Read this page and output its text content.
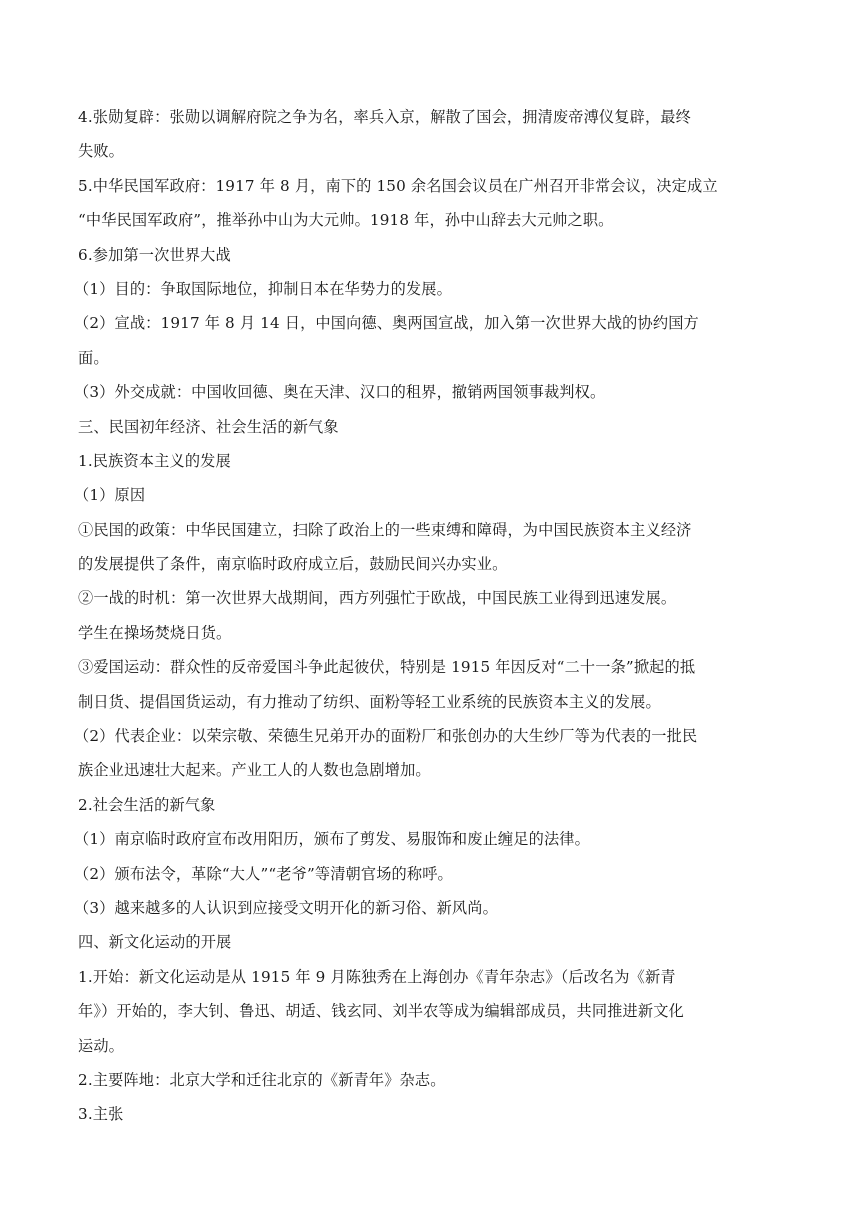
4.张勋复辟：张勋以调解府院之争为名，率兵入京，解散了国会，拥清废帝溥仪复辟，最终
失败。
5.中华民国军政府：1917 年 8 月，南下的 150 余名国会议员在广州召开非常会议，决定成立
“中华民国军政府”，推举孙中山为大元帅。1918 年，孙中山辞去大元帅之职。
6.参加第一次世界大战
（1）目的：争取国际地位，抑制日本在华势力的发展。
（2）宣战：1917 年 8 月 14 日，中国向德、奥两国宣战，加入第一次世界大战的协约国方
面。
（3）外交成就：中国收回德、奥在天津、汉口的租界，撤销两国领事裁判权。
三、民国初年经济、社会生活的新气象
1.民族资本主义的发展
（1）原因
①民国的政策：中华民国建立，扫除了政治上的一些束缚和障碍，为中国民族资本主义经济
的发展提供了条件，南京临时政府成立后，鼓励民间兴办实业。
②一战的时机：第一次世界大战期间，西方列强忙于欧战，中国民族工业得到迅速发展。
学生在操场焚烧日货。
③爱国运动：群众性的反帝爱国斗争此起彼伏，特别是 1915 年因反对“二十一条”掀起的抵
制日货、提倡国货运动，有力推动了纺织、面粉等轻工业系统的民族资本主义的发展。
（2）代表企业：以荣宗敬、荣德生兄弟开办的面粉厂和张创办的大生纱厂等为代表的一批民
族企业迅速壮大起来。产业工人的人数也急剧增加。
2.社会生活的新气象
（1）南京临时政府宣布改用阳历，颁布了剪发、易服饰和废止缠足的法律。
（2）颁布法令，革除“大人”“老爷”等清朝官场的称呼。
（3）越来越多的人认识到应接受文明开化的新习俗、新风尚。
四、新文化运动的开展
1.开始：新文化运动是从 1915 年 9 月陈独秀在上海创办《青年杂志》（后改名为《新青
年》）开始的，李大钊、鲁迅、胡适、钱玄同、刘半农等成为编辑部成员，共同推进新文化
运动。
2.主要阵地：北京大学和迁往北京的《新青年》杂志。
3.主张
